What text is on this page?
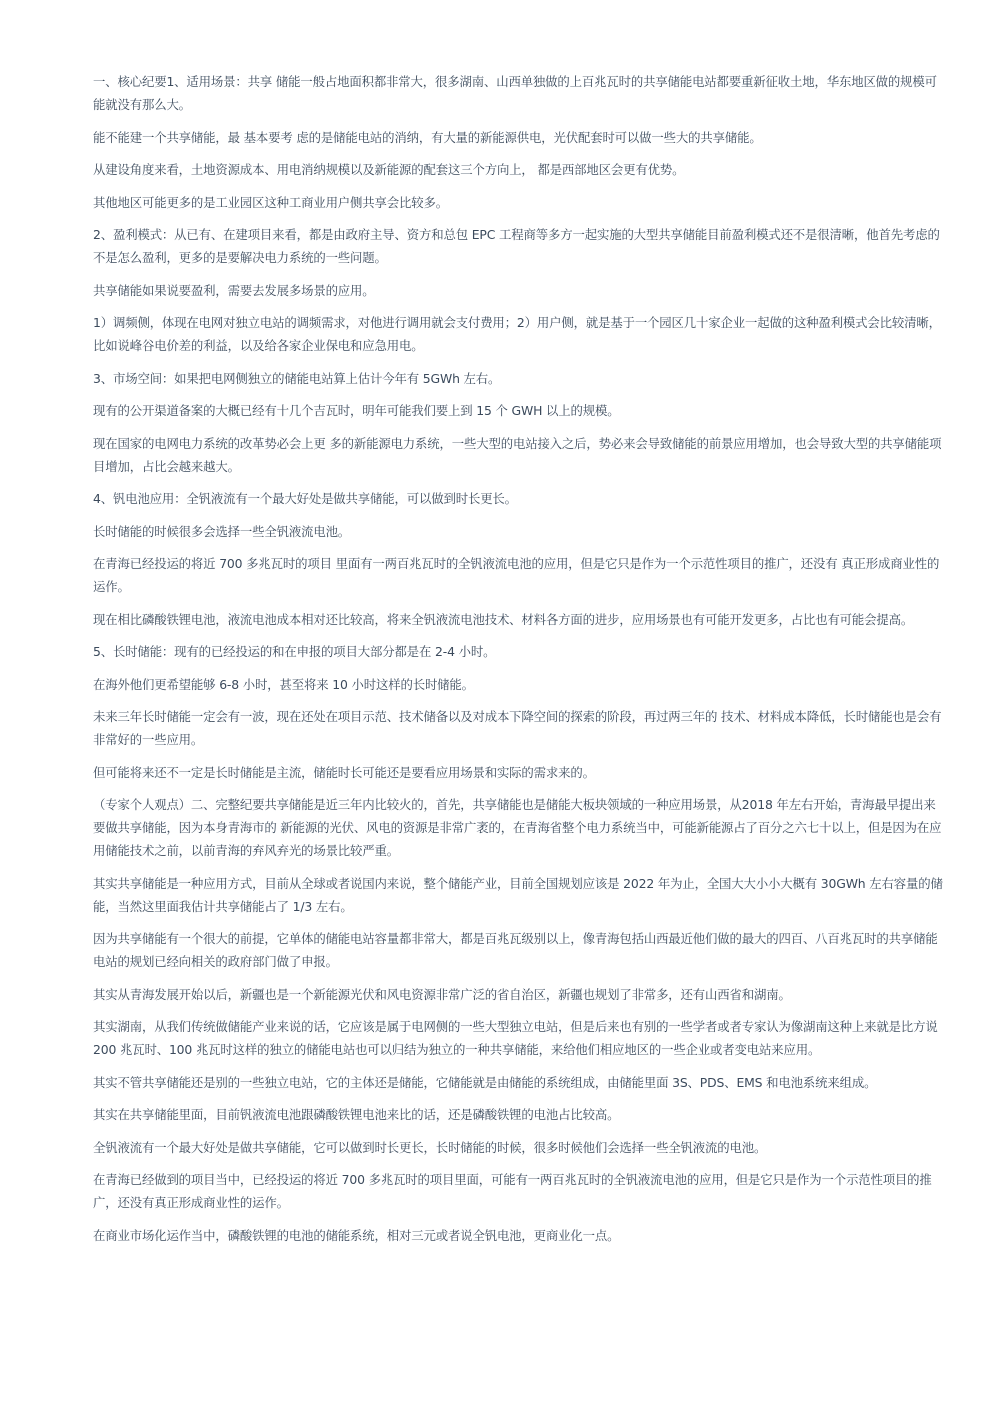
一、核心纪要1、适用场景：共享 储能一般占地面积都非常大，很多湖南、山西单独做的上百兆瓦时的共享储能电站都要重新征收土地，华东地区做的规模可能就没有那么大。

能不能建一个共享储能，最 基本要考 虑的是储能电站的消纳，有大量的新能源供电，光伏配套时可以做一些大的共享储能。

从建设角度来看，土地资源成本、用电消纳规模以及新能源的配套这三个方向上， 都是西部地区会更有优势。

其他地区可能更多的是工业园区这种工商业用户侧共享会比较多。

2、盈利模式：从已有、在建项目来看，都是由政府主导、资方和总包 EPC 工程商等多方一起实施的大型共享储能目前盈利模式还不是很清晰，他首先考虑的不是怎么盈利，更多的是要解决电力系统的一些问题。

共享储能如果说要盈利，需要去发展多场景的应用。

1）调频侧，体现在电网对独立电站的调频需求，对他进行调用就会支付费用；2）用户侧，就是基于一个园区几十家企业一起做的这种盈利模式会比较清晰，比如说峰谷电价差的利益，以及给各家企业保电和应急用电。

3、市场空间：如果把电网侧独立的储能电站算上估计今年有 5GWh 左右。

现有的公开渠道备案的大概已经有十几个吉瓦时，明年可能我们要上到 15 个 GWH 以上的规模。

现在国家的电网电力系统的改革势必会上更 多的新能源电力系统，一些大型的电站接入之后，势必来会导致储能的前景应用增加，也会导致大型的共享储能项目增加，占比会越来越大。

4、钒电池应用：全钒液流有一个最大好处是做共享储能，可以做到时长更长。

长时储能的时候很多会选择一些全钒液流电池。

在青海已经投运的将近 700 多兆瓦时的项目 里面有一两百兆瓦时的全钒液流电池的应用，但是它只是作为一个示范性项目的推广，还没有 真正形成商业性的运作。

现在相比磷酸铁锂电池，液流电池成本相对还比较高，将来全钒液流电池技术、材料各方面的进步，应用场景也有可能开发更多，占比也有可能会提高。

5、长时储能：现有的已经投运的和在申报的项目大部分都是在 2-4 小时。

在海外他们更希望能够 6-8 小时，甚至将来 10 小时这样的长时储能。

未来三年长时储能一定会有一波，现在还处在项目示范、技术储备以及对成本下降空间的探索的阶段，再过两三年的 技术、材料成本降低，长时储能也是会有非常好的一些应用。

但可能将来还不一定是长时储能是主流，储能时长可能还是要看应用场景和实际的需求来的。

（专家个人观点）二、完整纪要共享储能是近三年内比较火的，首先，共享储能也是储能大板块领域的一种应用场景，从2018 年左右开始，青海最早提出来要做共享储能，因为本身青海市的 新能源的光伏、风电的资源是非常广袤的，在青海省整个电力系统当中，可能新能源占了百分之六七十以上，但是因为在应用储能技术之前，以前青海的弃风弃光的场景比较严重。

其实共享储能是一种应用方式，目前从全球或者说国内来说，整个储能产业，目前全国规划应该是 2022 年为止，全国大大小小大概有 30GWh 左右容量的储能，当然这里面我估计共享储能占了 1/3 左右。

因为共享储能有一个很大的前提，它单体的储能电站容量都非常大，都是百兆瓦级别以上，像青海包括山西最近他们做的最大的四百、八百兆瓦时的共享储能电站的规划已经向相关的政府部门做了申报。

其实从青海发展开始以后，新疆也是一个新能源光伏和风电资源非常广泛的省自治区，新疆也规划了非常多，还有山西省和湖南。

其实湖南，从我们传统做储能产业来说的话，它应该是属于电网侧的一些大型独立电站，但是后来也有别的一些学者或者专家认为像湖南这种上来就是比方说 200 兆瓦时、100 兆瓦时这样的独立的储能电站也可以归结为独立的一种共享储能，来给他们相应地区的一些企业或者变电站来应用。

其实不管共享储能还是别的一些独立电站，它的主体还是储能，它储能就是由储能的系统组成，由储能里面 3S、PDS、EMS 和电池系统来组成。

其实在共享储能里面，目前钒液流电池跟磷酸铁锂电池来比的话，还是磷酸铁锂的电池占比较高。

全钒液流有一个最大好处是做共享储能，它可以做到时长更长，长时储能的时候，很多时候他们会选择一些全钒液流的电池。

在青海已经做到的项目当中，已经投运的将近 700 多兆瓦时的项目里面，可能有一两百兆瓦时的全钒液流电池的应用，但是它只是作为一个示范性项目的推广，还没有真正形成商业性的运作。

在商业市场化运作当中，磷酸铁锂的电池的储能系统，相对三元或者说全钒电池，更商业化一点。
